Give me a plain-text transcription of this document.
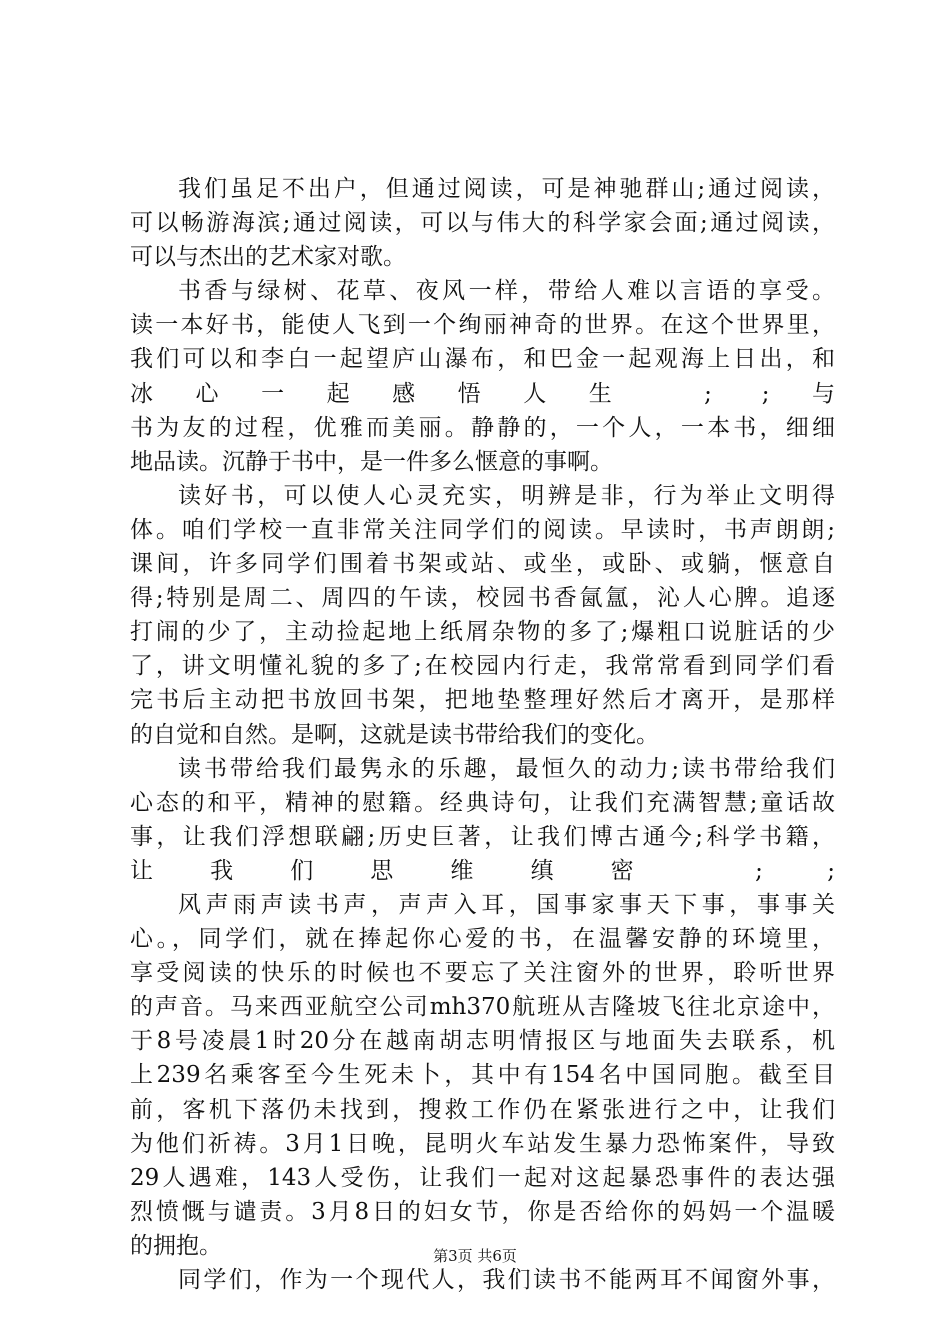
我们虽足不出户，但通过阅读，可是神驰群山;通过阅读，
可以畅游海滨;通过阅读，可以与伟大的科学家会面;通过阅读，
可以与杰出的艺术家对歌。
书香与绿树、花草、夜风一样，带给人难以言语的享受。
读一本好书，能使人飞到一个绚丽神奇的世界。在这个世界里，
我们可以和李白一起望庐山瀑布，和巴金一起观海上日出，和
冰心一起感悟人生 ; ;与
书为友的过程，优雅而美丽。静静的，一个人，一本书，细细
地品读。沉静于书中，是一件多么惬意的事啊。
读好书，可以使人心灵充实，明辨是非，行为举止文明得
体。咱们学校一直非常关注同学们的阅读。早读时，书声朗朗;
课间，许多同学们围着书架或站、或坐，或卧、或躺，惬意自
得;特别是周二、周四的午读，校园书香氤氲，沁人心脾。追逐
打闹的少了，主动捡起地上纸屑杂物的多了;爆粗口说脏话的少
了，讲文明懂礼貌的多了;在校园内行走，我常常看到同学们看
完书后主动把书放回书架，把地垫整理好然后才离开，是那样
的自觉和自然。是啊，这就是读书带给我们的变化。
读书带给我们最隽永的乐趣，最恒久的动力;读书带给我们
心态的和平，精神的慰籍。经典诗句，让我们充满智慧;童话故
事，让我们浮想联翩;历史巨著，让我们博古通今;科学书籍，
让我们思维缜密 ; ;
风声雨声读书声，声声入耳，国事家事天下事，事事关
心。，同学们，就在捧起你心爱的书，在温馨安静的环境里，
享受阅读的快乐的时候也不要忘了关注窗外的世界，聆听世界
的声音。马来西亚航空公司mh370航班从吉隆坡飞往北京途中，
于8号凌晨1时20分在越南胡志明情报区与地面失去联系，机
上239名乘客至今生死未卜，其中有154名中国同胞。截至目
前，客机下落仍未找到，搜救工作仍在紧张进行之中，让我们
为他们祈祷。3月1日晚，昆明火车站发生暴力恐怖案件，导致
29人遇难，143人受伤，让我们一起对这起暴恐事件的表达强
烈愤慨与谴责。3月8日的妇女节，你是否给你的妈妈一个温暖
的拥抱。
同学们，作为一个现代人，我们读书不能两耳不闻窗外事，
第3页 共6页
